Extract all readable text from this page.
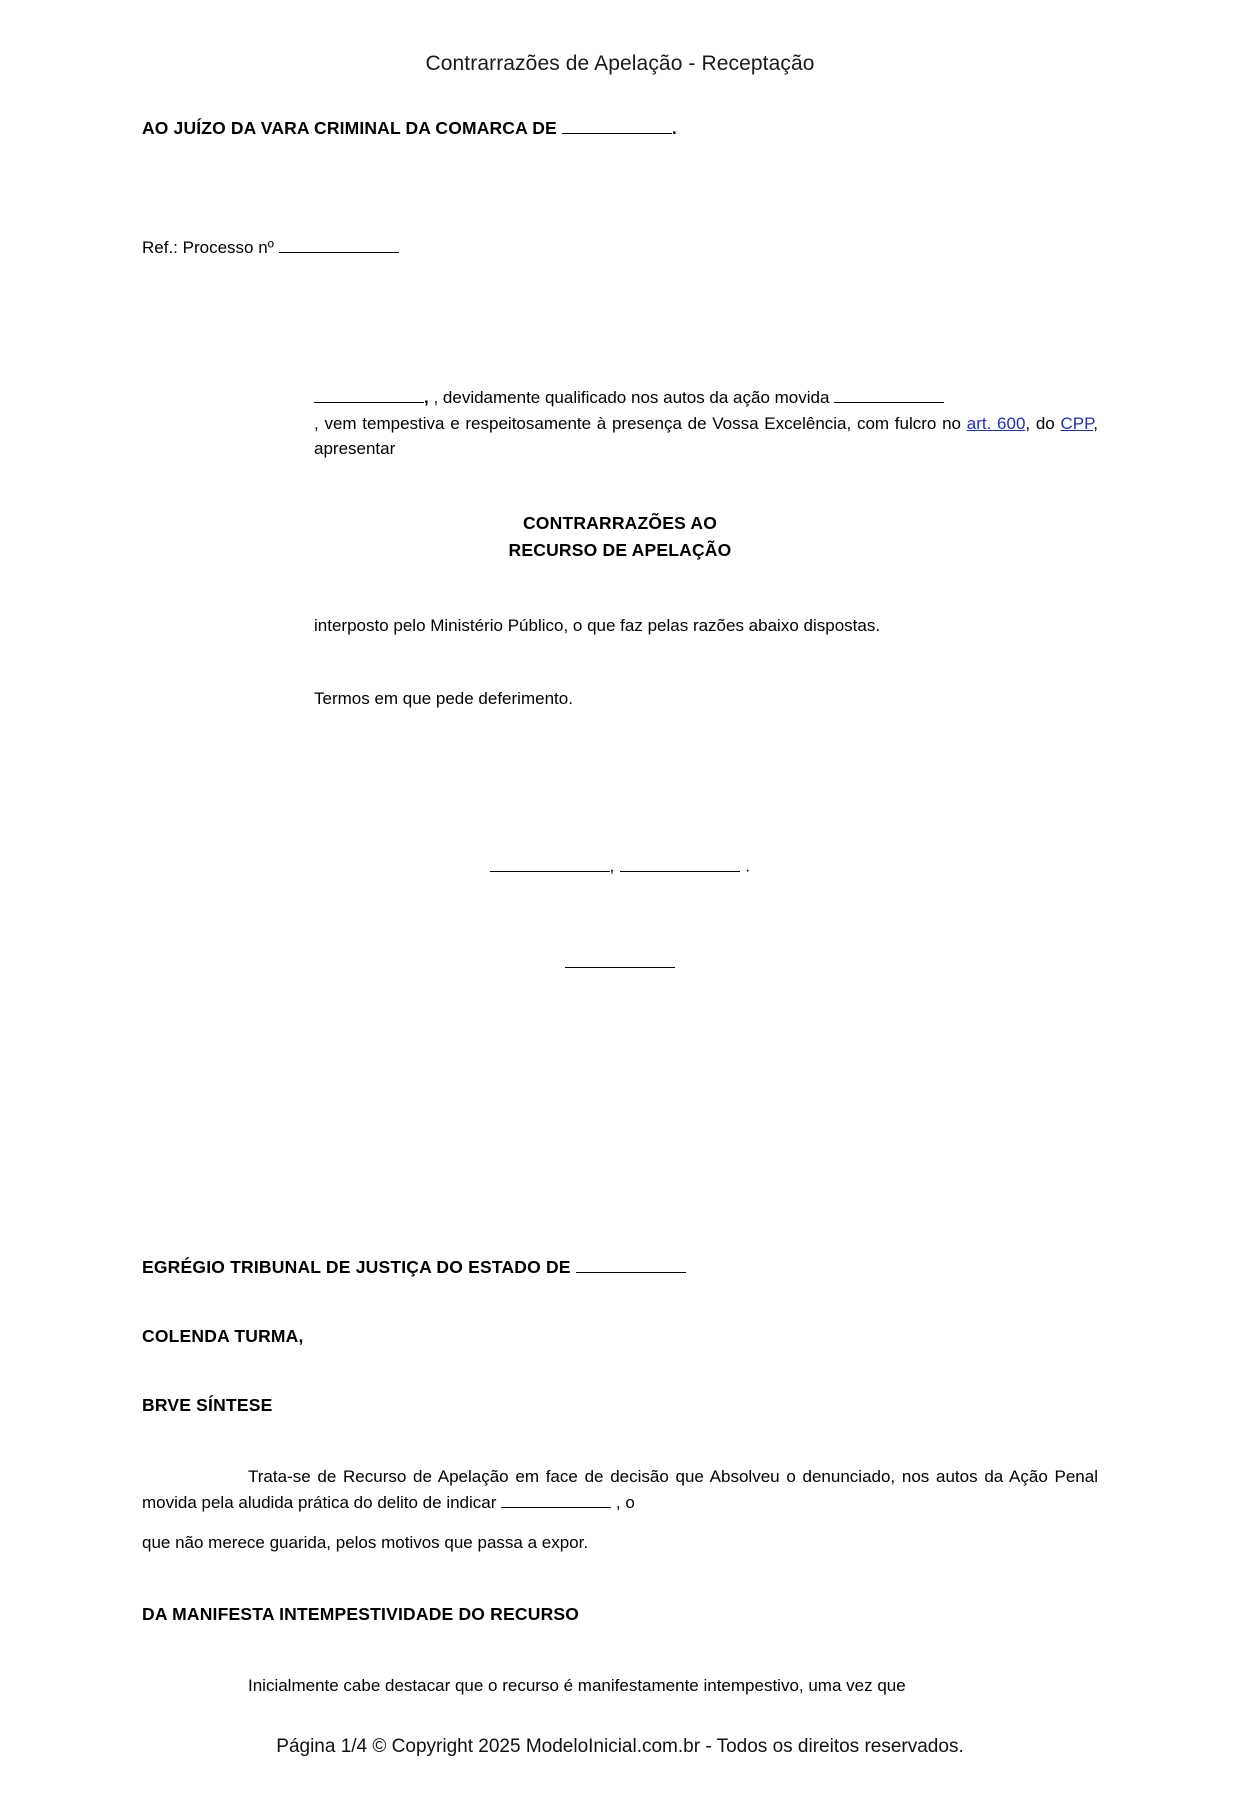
Contrarrazões de Apelação - Receptação
AO JUÍZO DA VARA CRIMINAL DA COMARCA DE	.
Ref.: Processo nº
, , devidamente qualificado nos autos da ação movida
, vem tempestiva e respeitosamente à presença de Vossa Excelência, com fulcro no art. 600, do CPP, apresentar
CONTRARRAZÕES AO
RECURSO DE APELAÇÃO
interposto pelo Ministério Público, o que faz pelas razões abaixo dispostas.
Termos em que pede deferimento.
,	.
EGRÉGIO TRIBUNAL DE JUSTIÇA DO ESTADO DE
COLENDA TURMA,
BRVE SÍNTESE
Trata-se de Recurso de Apelação em face de decisão que Absolveu o denunciado, nos autos da Ação Penal movida pela aludida prática do delito de indicar	, o
que não merece guarida, pelos motivos que passa a expor.
DA MANIFESTA INTEMPESTIVIDADE DO RECURSO
Inicialmente cabe destacar que o recurso é manifestamente intempestivo, uma vez que
Página 1/4 © Copyright 2025 ModeloInicial.com.br - Todos os direitos reservados.
